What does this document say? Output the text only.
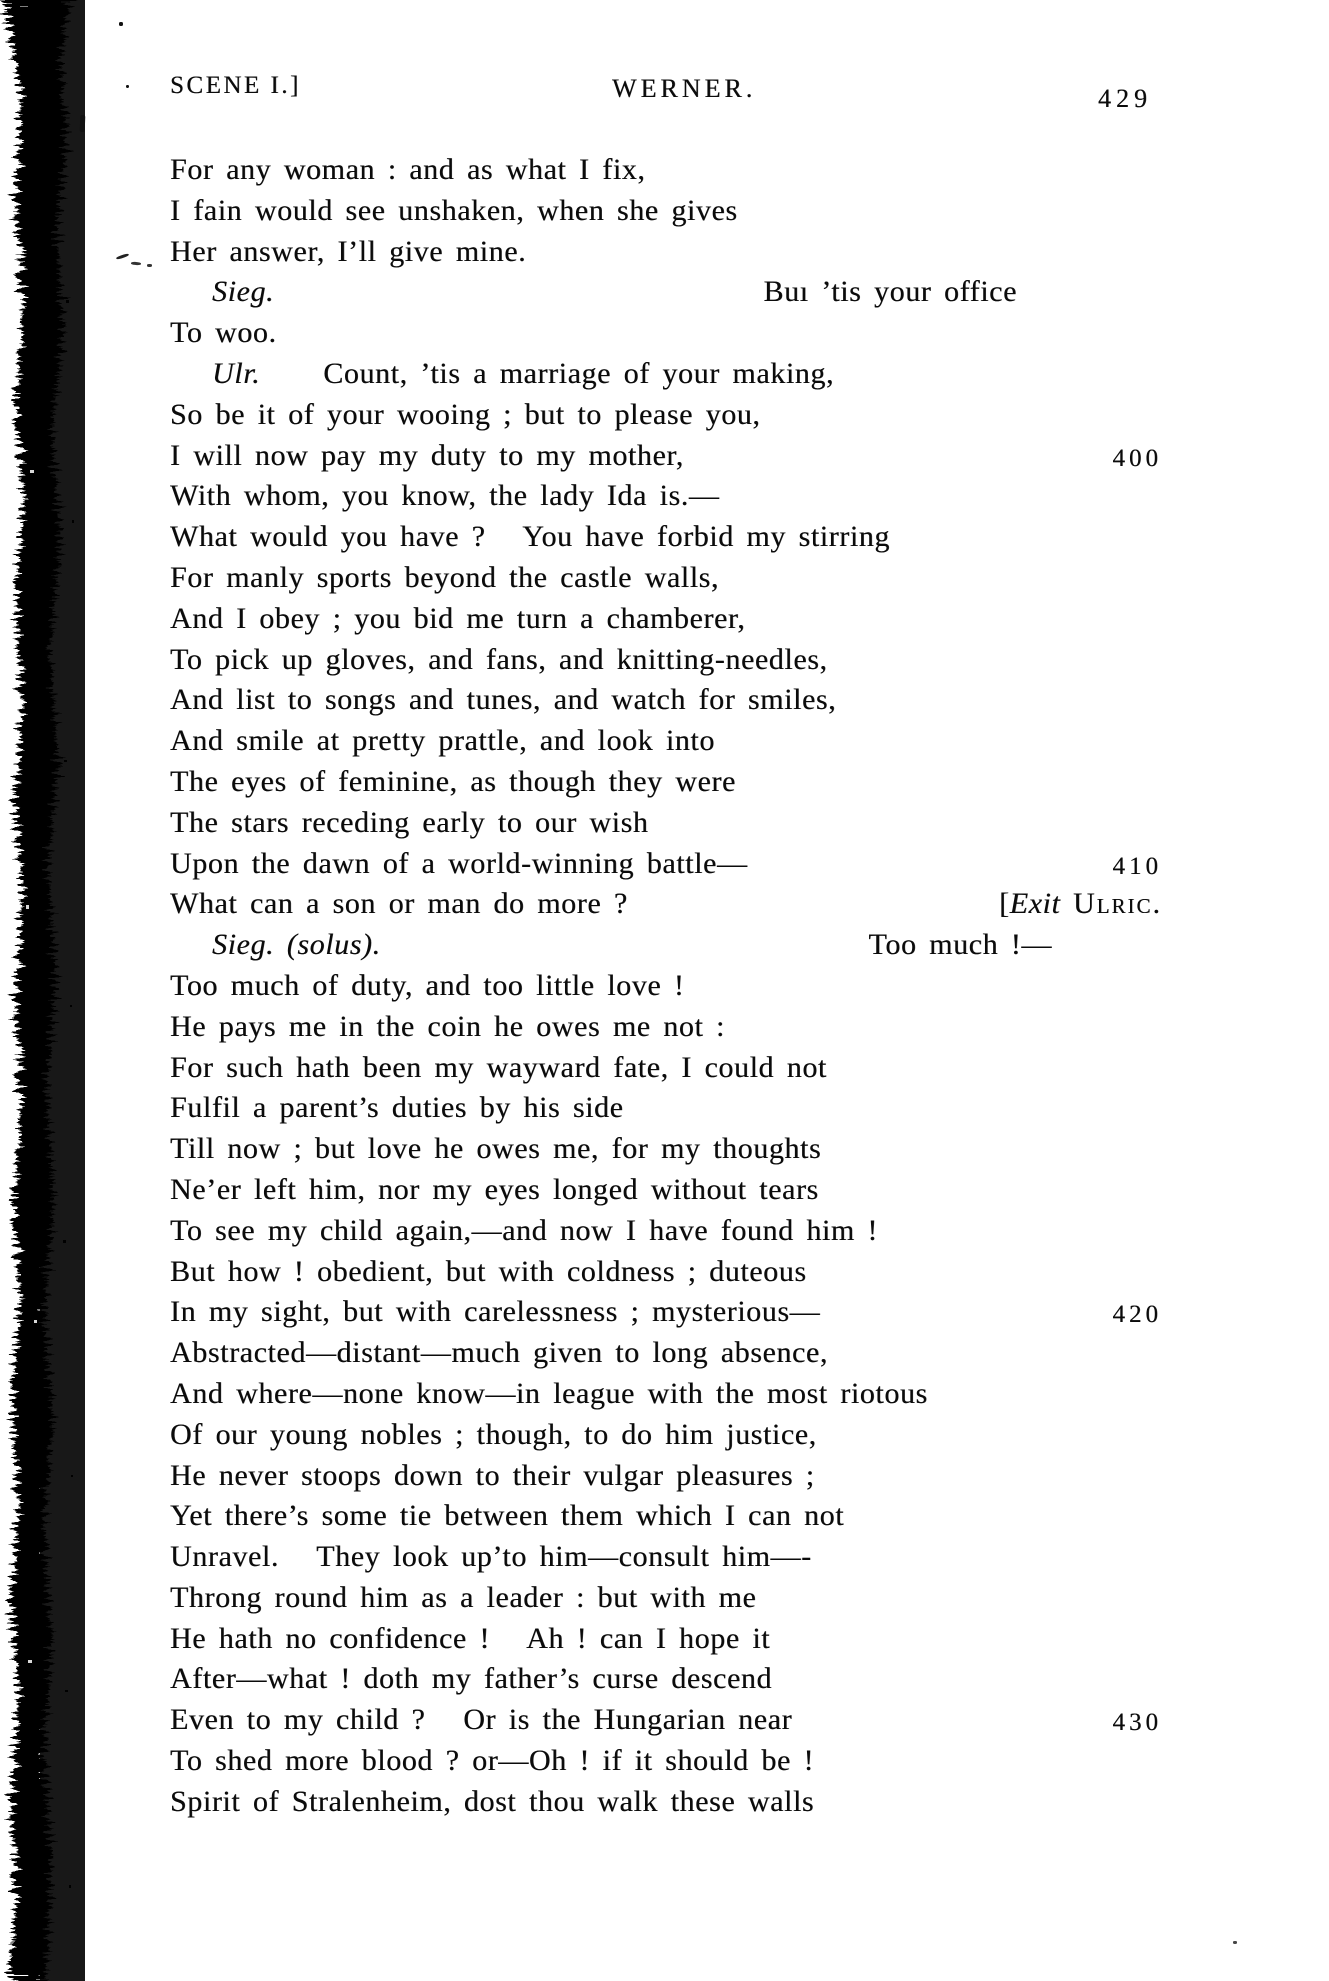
SCENE I.]	WERNER.	429
For any woman : and as what I fix,
I fain would see unshaken, when she gives
Her answer, I’ll give mine.
Sieg.	Buı ’tis your office
To woo.
Ulr.     Count, ’tis a marriage of your making,
So be it of your wooing ; but to please you,
I will now pay my duty to my mother,	400
With whom, you know, the lady Ida is.—
What would you have ?   You have forbid my stirring
For manly sports beyond the castle walls,
And I obey ; you bid me turn a chamberer,
To pick up gloves, and fans, and knitting-needles,
And list to songs and tunes, and watch for smiles,
And smile at pretty prattle, and look into
The eyes of feminine, as though they were
The stars receding early to our wish
Upon the dawn of a world-winning battle—	410
What can a son or man do more ?	[Exit Ulric.
Sieg. (solus).	Too much !—
Too much of duty, and too little love !
He pays me in the coin he owes me not :
For such hath been my wayward fate, I could not
Fulfil a parent’s duties by his side
Till now ; but love he owes me, for my thoughts
Ne’er left him, nor my eyes longed without tears
To see my child again,—and now I have found him !
But how ! obedient, but with coldness ; duteous
In my sight, but with carelessness ; mysterious—	420
Abstracted—distant—much given to long absence,
And where—none know—in league with the most riotous
Of our young nobles ; though, to do him justice,
He never stoops down to their vulgar pleasures ;
Yet there’s some tie between them which I can not
Unravel.   They look up’to him—consult him—-
Throng round him as a leader : but with me
He hath no confidence !   Ah ! can I hope it
After—what ! doth my father’s curse descend
Even to my child ?   Or is the Hungarian near	430
To shed more blood ? or—Oh ! if it should be !
Spirit of Stralenheim, dost thou walk these walls
